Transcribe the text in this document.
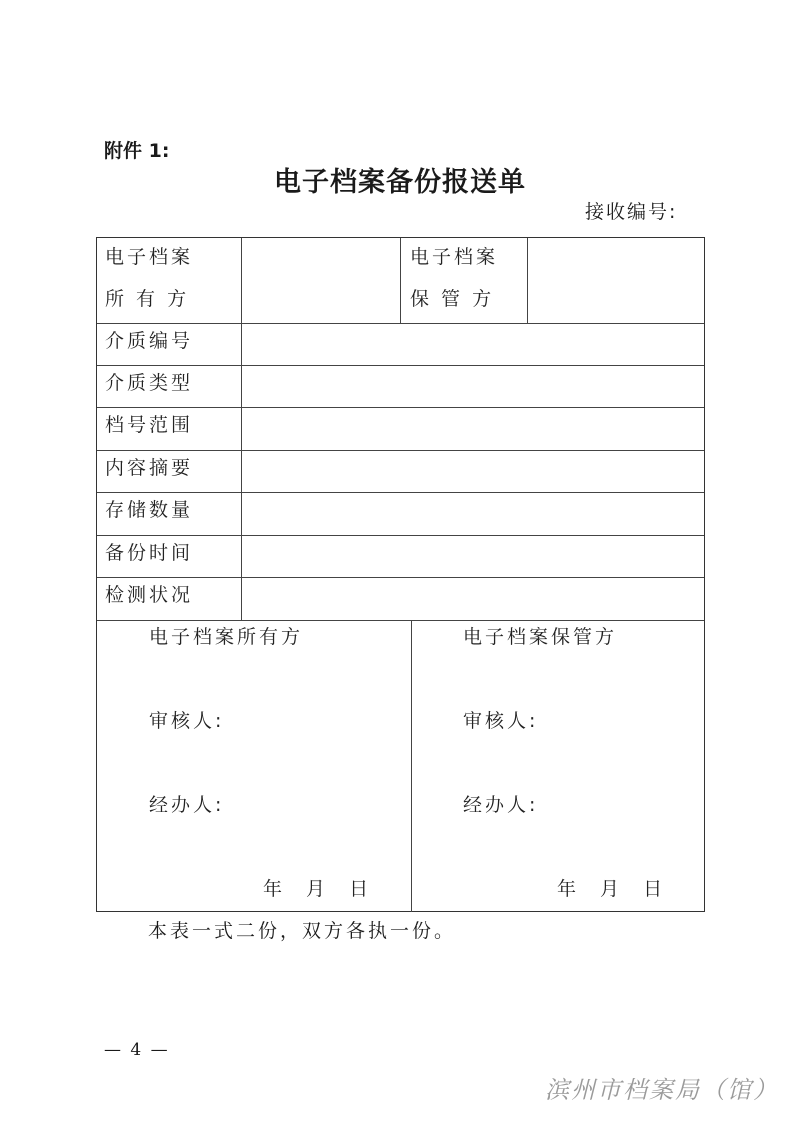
附件 1:
电子档案备份报送单
接收编号:
电子档案
所 有 方
电子档案
保 管 方
介质编号
介质类型
档号范围
内容摘要
存储数量
备份时间
检测状况
电子档案所有方
审核人:
经办人:
年 月 日
电子档案保管方
审核人:
经办人:
年 月 日
本表一式二份，双方各执一份。
— 4 —
滨州市档案局（馆）
